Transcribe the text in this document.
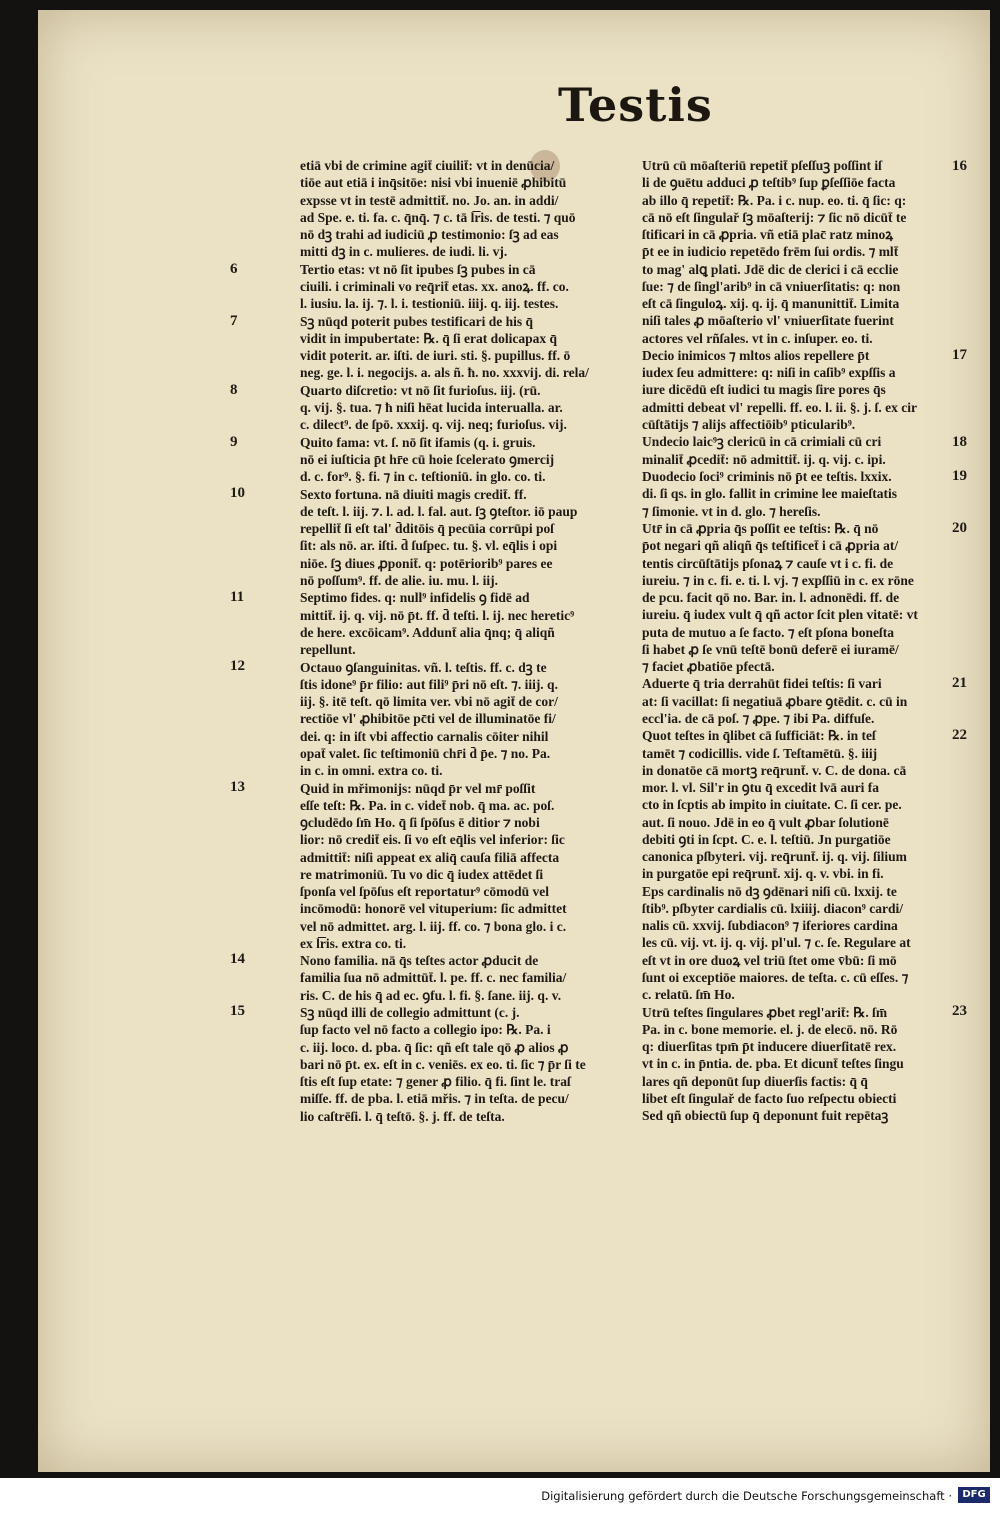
Testis
etiā vbi de crimine agit̄ ciuilit̄: vt in denūcia/
tiōe aut etiā i inq̄sitōe: nisi vbi inueniē ꝓhibitū
expsse vt in testē admittit̄. no. Jo. an. in addi/
ad Spe. e. ti. fa. c. q̄nq̄. ⁊ c. tā l͞ris. de testi. ⁊ quō
nō dꝫ trahi ad iudiciū ꝓ testimonio: ſꝫ ad eas
mitti dꝫ in c. mulieres. de iudi. li. vj.
Tertio etas: vt nō ſit ipubes ſꝫ pubes in cā
ciuili. i criminali vo req̄rit̄ etas. xx. anoꝝ. ff. co.
l. iusiu. la. ij. ⁊. l. i. testioniū. iiij. q. iij. testes.
Sꝫ nūqd poterit pubes testificari de his q̄
vidit in impubertate: ℞. q̄ ſi erat dolicapax q̄
vidit poterit. ar. iſti. de iuri. sti. §. pupillus. ff. ō
neg. ge. l. i. negocijs. a. als ñ. ħ. no. xxxvij. di. rela/
Quarto diſcretio: vt nō ſit furioſus. iij. (rū.
q. vij. §. tua. ⁊ ħ niſi hēat lucida interualla. ar.
c. dilect⁹. de ſpō. xxxij. q. vij. neq; furioſus. vij.
Quito fama: vt. ſ. nō ſit ifamis (q. i. gruis.
nō ei iuſticia p̄t hr̄e cū hoie ſcelerato ꝯmercij
d. c. for⁹. §. fi. ⁊ in c. teſtioniū. in glo. co. ti.
Sexto fortuna. nā diuiti magis credit̄. ff.
de teſt. l. iij. ⁊. l. ad. l. fal. aut. ſꝫ ꝯteſtor. iō paup
repellit̄ ſi eſt tal' d̄ditōis q̄ pecūia corrūpi poſ
ſit: als nō. ar. iſti. d̄ ſuſpec. tu. §. vl. eq̄lis i opi
niōe. ſꝫ diues ꝓponit̄. q: potēriorib⁹ pares ee
nō poſſum⁹. ff. de alie. iu. mu. l. iij.
Septimo fides. q: null⁹ infidelis ꝯ fidē ad
mittit̄. ij. q. vij. nō p̄t. ff. d̄ teſti. l. ij. nec heretic⁹
de here. excōicam⁹. Addunt̄ alia q̄nq; q̄ aliqñ
repellunt.
Octauo ꝯſanguinitas. vñ. l. teſtis. ff. c. dꝫ te
ſtis idone⁹ p̄r filio: aut fili⁹ p̄ri nō eſt. ⁊. iiij. q.
iij. §. itē teſt. qō limita ver. vbi nō agit̄ de cor/
rectiōe vl' ꝓhibitōe pc̄ti vel de illuminatōe fi/
dei. q: in iſt vbi affectio carnalis cōiter nihil
opat̄ valet. ſic teſtimoniū chr̄i d̄ p̄e. ⁊ no. Pa.
in c. in omni. extra co. ti.
Quid in mřimonijs: nūqd p̄r vel mr̄ poſſit
eſſe teſt: ℞. Pa. in c. videt̄ nob. q̄ ma. ac. poſ.
ꝯcludēdo ſm̄ Ho. q̄ ſi ſpōſus ē ditior ⁊ nobi
lior: nō credit̄ eis. ſi vo eſt eq̄lis vel inferior: ſic
admittit̄: niſi appeat ex aliq̄ cauſa filiā affecta
re matrimoniū. Tu vo dic q̄ iudex attēdet ſi
ſponſa vel ſpōſus eſt reportatur⁹ cōmodū vel
incōmodū: honorē vel vituperium: ſic admittet
vel nō admittet. arg. l. iij. ff. co. ⁊ bona glo. i c.
ex l͞ris. extra co. ti.
Nono familia. nā q̄s teſtes actor ꝓducit de
familia ſua nō admittūt̄. l. pe. ff. c. nec familia/
ris. C. de his q̄ ad ec. ꝯfu. l. fi. §. ſane. iij. q. v.
Sꝫ nūqd illi de collegio admittunt (c. j.
ſup facto vel nō facto a collegio ipo: ℞. Pa. i
c. iij. loco. d. pba. q̄ ſic: qñ eſt tale qō ꝓ alios ꝓ
bari nō p̄t. ex. eſt in c. veniēs. ex eo. ti. ſic ⁊ p̄r ſi te
ſtis eſt ſup etate: ⁊ gener ꝓ filio. q̄ fi. ſint le. traſ
miſſe. ff. de pba. l. etiā mřis. ⁊ in teſta. de pecu/
lio caſtrēſi. l. q̄ teſtō. §. j. ff. de teſta.
Utrū cū mōaſteriū repetit̄ pſeſſuꝫ poſſint iſ
li de ꝯuētu adduci ꝓ teſtib⁹ ſup ꝑſeſſiōe facta
ab illo q̄ repetit̄: ℞. Pa. i c. nup. eo. ti. q̄ ſic: q:
cā nō eſt ſingulař ſꝫ mōaſterij: ⁊ ſic nō dicūt̄ te
ſtificari in cā ꝓpria. vñ etiā plac̄ ratz minoꝝ
p̄t ee in iudicio repetēdo frēm ſui ordis. ⁊ mlt̄
to mag' alꝗ plati. Jdē dic de clerici i cā ecclie
ſue: ⁊ de ſingl'arib⁹ in cā vniuerſitatis: q: non
eſt cā ſinguloꝝ. xij. q. ij. q̄ manunittit̄. Limita
niſi tales ꝓ mōaſterio vl' vniuerſitate fuerint
actores vel rñſales. vt in c. inſuper. eo. ti.
Decio inimicos ⁊ mltos alios repellere p̄t
iudex ſeu admittere: q: niſi in caſib⁹ expſſis a
iure dicēdū eſt iudici tu magis ſire pores q̄s
admitti debeat vl' repelli. ff. eo. l. ii. §. j. ſ. ex cir
cūſtātijs ⁊ alijs affectiōib⁹ pticularib⁹.
Undecio laic⁹ꝫ clericū in cā crimiali cū cri
minalit̄ ꝓcedit̄: nō admittit̄. ij. q. vij. c. ipi.
Duodecio ſoci⁹ criminis nō p̄t ee teſtis. lxxix.
di. ſi qs. in glo. fallit in crimine lee maieſtatis
⁊ ſimonie. vt in d. glo. ⁊ hereſis.
Utr̄ in cā ꝓpria q̄s poſſit ee teſtis: ℞. q̄ nō
p̄ot negari qñ aliqñ q̄s teſtificet̄ i cā ꝓpria at/
tentis circūſtātijs pſonaꝝ ⁊ cauſe vt i c. fi. de
iureiu. ⁊ in c. fi. e. ti. l. vj. ⁊ expſſiū in c. ex rōne
de pcu. facit qō no. Bar. in. l. adnonēdi. ff. de
iureiu. q̄ iudex vult q̄ qñ actor ſcit plen vitatē: vt
puta de mutuo a ſe facto. ⁊ eſt pſona boneſta
ſi habet ꝓ ſe vnū teſtē bonū deferē ei iuramē/
⁊ faciet ꝓbatiōe pfectā.
Aduerte q̄ tria derrahūt fidei teſtis: ſi vari
at: ſi vacillat: ſi negatiuā ꝓbare ꝯtēdit. c. cū in
eccl'ia. de cā poſ. ⁊ ꝓpe. ⁊ ibi Pa. diffuſe.
Quot teſtes in q̄libet cā ſufficiāt: ℞. in teſ
tamēt ⁊ codicillis. vide ſ. Teſtamētū. §. iiij
in donatōe cā mortꝫ req̄runt̄. v. C. de dona. cā
mor. l. vl. Sil'r in ꝯtu q̄ excedit lvā auri fa
cto in ſcptis ab impito in ciuitate. C. ſi cer. pe.
aut. ſi nouo. Jdē in eo q̄ vult ꝓbar ſolutionē
debiti ꝯti in ſcpt. C. e. l. teſtiū. Jn purgatiōe
canonica pſbyteri. vij. req̄runt̄. ij. q. vij. ſilium
in purgatōe epi req̄runt̄. xij. q. v. vbi. in fi.
Eps cardinalis nō dꝫ ꝯdēnari niſi cū. lxxij. te
ſtib⁹. pſbyter cardialis cū. lxiiij. diacon⁹ cardi/
nalis cū. xxvij. ſubdiacon⁹ ⁊ iferiores cardina
les cū. vij. vt. ij. q. vij. pl'ul. ⁊ c. ſe. Regulare at
eſt vt in ore duoꝝ vel triū ſtet ome v̄bū: ſi mō
ſunt oi exceptiōe maiores. de teſta. c. cū eſſes. ⁊
c. relatū. ſm̄ Ho.
Utrū teſtes ſingulares ꝓbet regl'arit̄: ℞. ſm̄
Pa. in c. bone memorie. el. j. de elecō. nō. Rō
q: diuerſitas tpm̄ p̄t inducere diuerſitatē rex.
vt in c. in p̄ntia. de. pba. Et dicunt̄ teſtes ſingu
lares qñ deponūt ſup diuerſis factis: q̄ q̄
libet eſt ſingulař de facto ſuo reſpectu obiecti
Sed qñ obiectū ſup q̄ deponunt fuit repētaꝫ
6
7
8
9
10
11
12
13
14
15
16
17
18
19
20
21
22
23
Digitalisierung gefördert durch die Deutsche Forschungsgemeinschaft ·	DFG
